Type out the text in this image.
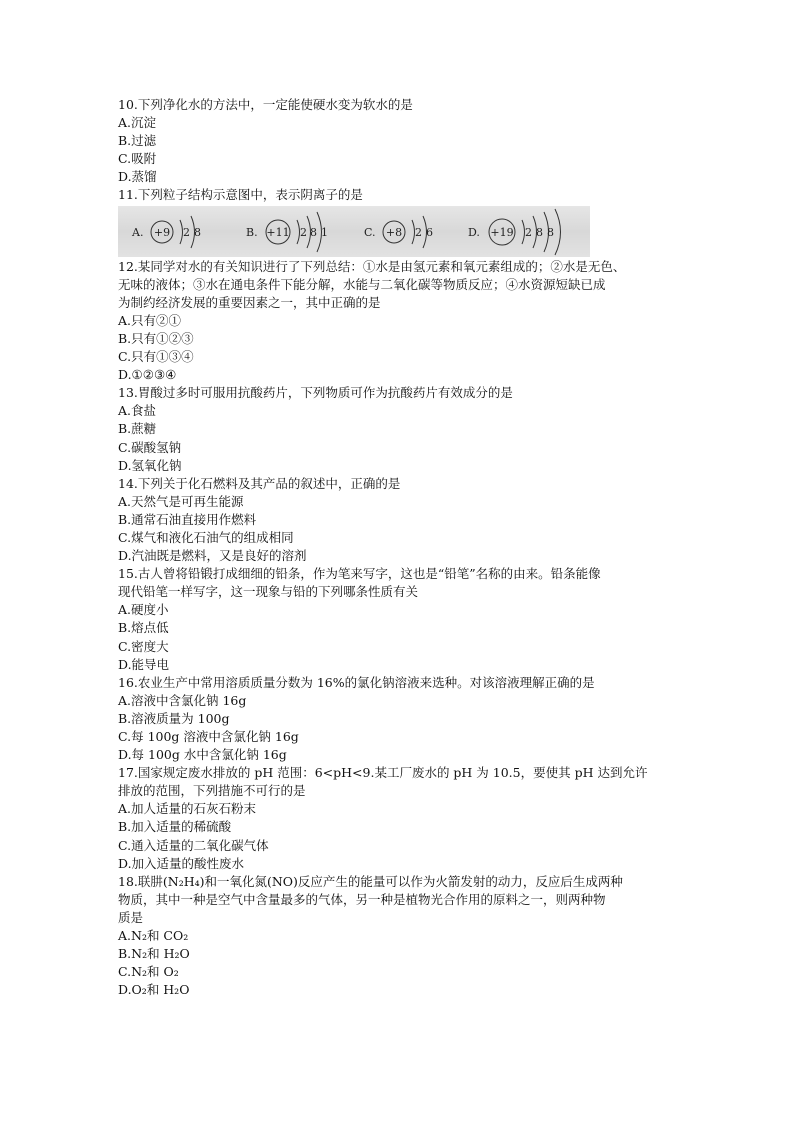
10.下列净化水的方法中，一定能使硬水变为软水的是
A.沉淀
B.过滤
C.吸附
D.蒸馏
11.下列粒子结构示意图中，表示阴离子的是
A. +9 2 8	B. +11 2 8 1	C. +8 2 6	D. +19 2 8 8
12.某同学对水的有关知识进行了下列总结：①水是由氢元素和氧元素组成的；②水是无色、
无味的液体；③水在通电条件下能分解，水能与二氧化碳等物质反应；④水资源短缺已成
为制约经济发展的重要因素之一，其中正确的是
A.只有②①
B.只有①②③
C.只有①③④
D.①②③④
13.胃酸过多时可服用抗酸药片，下列物质可作为抗酸药片有效成分的是
A.食盐
B.蔗糖
C.碳酸氢钠
D.氢氧化钠
14.下列关于化石燃料及其产品的叙述中，正确的是
A.天然气是可再生能源
B.通常石油直接用作燃料
C.煤气和液化石油气的组成相同
D.汽油既是燃料，又是良好的溶剂
15.古人曾将铅锻打成细细的铅条，作为笔来写字，这也是“铅笔”名称的由来。铅条能像
现代铅笔一样写字，这一现象与铅的下列哪条性质有关
A.硬度小
B.熔点低
C.密度大
D.能导电
16.农业生产中常用溶质质量分数为 16%的氯化钠溶液来选种。对该溶液理解正确的是
A.溶液中含氯化钠 16g
B.溶液质量为 100g
C.每 100g 溶液中含氯化钠 16g
D.每 100g 水中含氯化钠 16g
17.国家规定废水排放的 pH 范围：6<pH<9.某工厂废水的 pH 为 10.5，要使其 pH 达到允许
排放的范围，下列措施不可行的是
A.加人适量的石灰石粉末
B.加入适量的稀硫酸
C.通入适量的二氧化碳气体
D.加入适量的酸性废水
18.联肼(N₂H₄)和一氧化氮(NO)反应产生的能量可以作为火箭发射的动力，反应后生成两种
物质，其中一种是空气中含量最多的气体，另一种是植物光合作用的原料之一，则两种物
质是
A.N₂和 CO₂
B.N₂和 H₂O
C.N₂和 O₂
D.O₂和 H₂O
